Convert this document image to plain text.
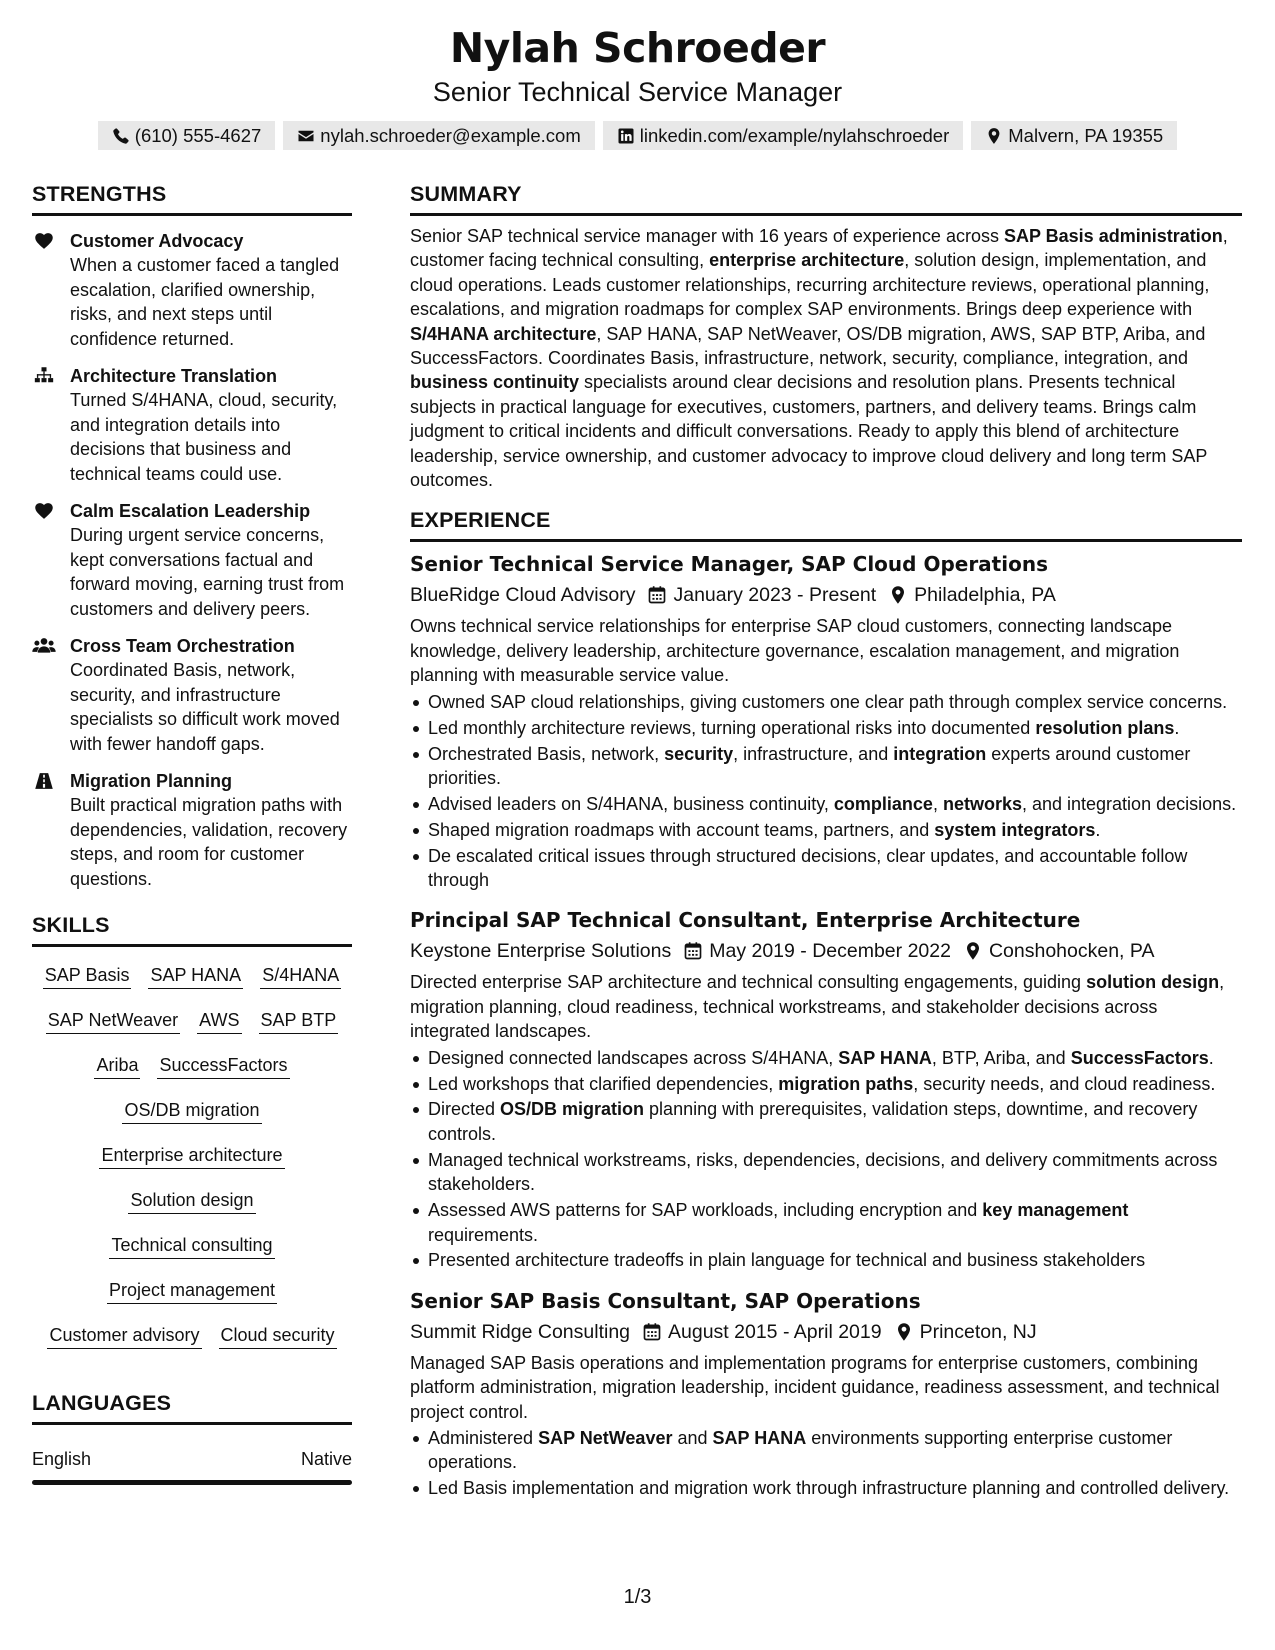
Nylah Schroeder
Senior Technical Service Manager
(610) 555-4627	nylah.schroeder@example.com	linkedin.com/example/nylahschroeder	Malvern, PA 19355
STRENGTHS
Customer Advocacy
When a customer faced a tangled escalation, clarified ownership, risks, and next steps until confidence returned.
Architecture Translation
Turned S/4HANA, cloud, security, and integration details into decisions that business and technical teams could use.
Calm Escalation Leadership
During urgent service concerns, kept conversations factual and forward moving, earning trust from customers and delivery peers.
Cross Team Orchestration
Coordinated Basis, network, security, and infrastructure specialists so difficult work moved with fewer handoff gaps.
Migration Planning
Built practical migration paths with dependencies, validation, recovery steps, and room for customer questions.
SKILLS
SAP Basis SAP HANA S/4HANA
SAP NetWeaver AWS SAP BTP
Ariba SuccessFactors
OS/DB migration
Enterprise architecture
Solution design
Technical consulting
Project management
Customer advisory Cloud security
LANGUAGES
English	Native
SUMMARY

Senior SAP technical service manager with 16 years of experience across SAP Basis administration, customer facing technical consulting, enterprise architecture, solution design, implementation, and cloud operations. Leads customer relationships, recurring architecture reviews, operational planning, escalations, and migration roadmaps for complex SAP environments. Brings deep experience with S/4HANA architecture, SAP HANA, SAP NetWeaver, OS/DB migration, AWS, SAP BTP, Ariba, and SuccessFactors. Coordinates Basis, infrastructure, network, security, compliance, integration, and business continuity specialists around clear decisions and resolution plans. Presents technical subjects in practical language for executives, customers, partners, and delivery teams. Brings calm judgment to critical incidents and difficult conversations. Ready to apply this blend of architecture leadership, service ownership, and customer advocacy to improve cloud delivery and long term SAP outcomes.

EXPERIENCE
Senior Technical Service Manager, SAP Cloud Operations
BlueRidge Cloud Advisory January 2023 - Present Philadelphia, PA

Owns technical service relationships for enterprise SAP cloud customers, connecting landscape knowledge, delivery leadership, architecture governance, escalation management, and migration planning with measurable service value.

Owned SAP cloud relationships, giving customers one clear path through complex service concerns.
Led monthly architecture reviews, turning operational risks into documented resolution plans.
Orchestrated Basis, network, security, infrastructure, and integration experts around customer priorities.
Advised leaders on S/4HANA, business continuity, compliance, networks, and integration decisions.
Shaped migration roadmaps with account teams, partners, and system integrators.
De escalated critical issues through structured decisions, clear updates, and accountable follow through
Principal SAP Technical Consultant, Enterprise Architecture
Keystone Enterprise Solutions May 2019 - December 2022 Conshohocken, PA

Directed enterprise SAP architecture and technical consulting engagements, guiding solution design, migration planning, cloud readiness, technical workstreams, and stakeholder decisions across integrated landscapes.

Designed connected landscapes across S/4HANA, SAP HANA, BTP, Ariba, and SuccessFactors.
Led workshops that clarified dependencies, migration paths, security needs, and cloud readiness.
Directed OS/DB migration planning with prerequisites, validation steps, downtime, and recovery controls.
Managed technical workstreams, risks, dependencies, decisions, and delivery commitments across stakeholders.
Assessed AWS patterns for SAP workloads, including encryption and key management requirements.
Presented architecture tradeoffs in plain language for technical and business stakeholders
Senior SAP Basis Consultant, SAP Operations
Summit Ridge Consulting August 2015 - April 2019 Princeton, NJ

Managed SAP Basis operations and implementation programs for enterprise customers, combining platform administration, migration leadership, incident guidance, readiness assessment, and technical project control.

Administered SAP NetWeaver and SAP HANA environments supporting enterprise customer operations.
Led Basis implementation and migration work through infrastructure planning and controlled delivery.
1/3
